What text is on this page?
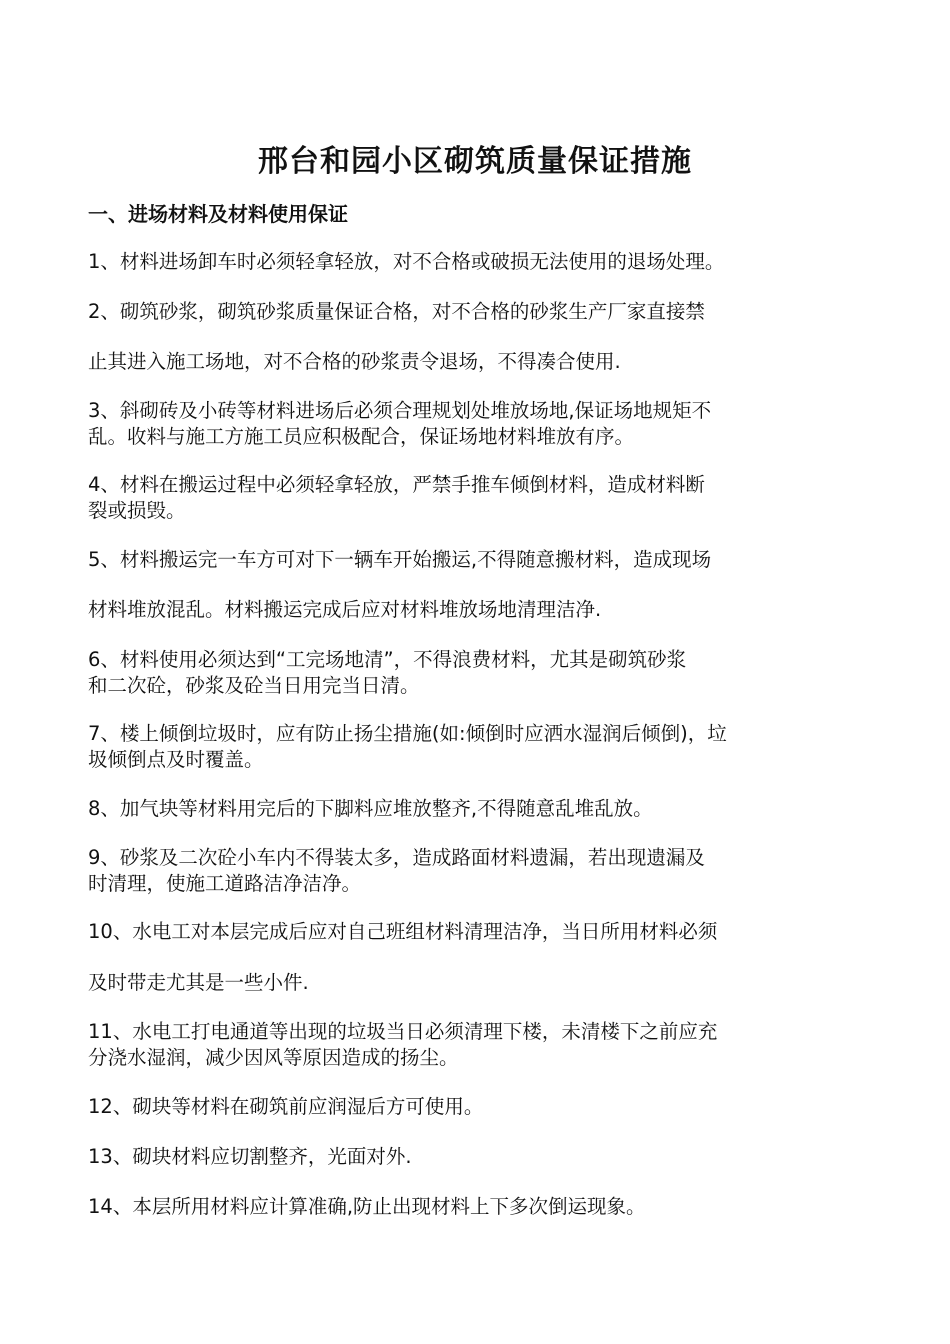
邢台和园小区砌筑质量保证措施
一、进场材料及材料使用保证
1、材料进场卸车时必须轻拿轻放，对不合格或破损无法使用的退场处理。
2、砌筑砂浆，砌筑砂浆质量保证合格，对不合格的砂浆生产厂家直接禁
止其进入施工场地，对不合格的砂浆责令退场，不得凑合使用.
3、斜砌砖及小砖等材料进场后必须合理规划处堆放场地,保证场地规矩不
乱。收料与施工方施工员应积极配合，保证场地材料堆放有序。
4、材料在搬运过程中必须轻拿轻放，严禁手推车倾倒材料，造成材料断
裂或损毁。
5、材料搬运完一车方可对下一辆车开始搬运,不得随意搬材料，造成现场
材料堆放混乱。材料搬运完成后应对材料堆放场地清理洁净.
6、材料使用必须达到“工完场地清”，不得浪费材料，尤其是砌筑砂浆
和二次砼，砂浆及砼当日用完当日清。
7、楼上倾倒垃圾时，应有防止扬尘措施(如:倾倒时应洒水湿润后倾倒)，垃
圾倾倒点及时覆盖。
8、加气块等材料用完后的下脚料应堆放整齐,不得随意乱堆乱放。
9、砂浆及二次砼小车内不得装太多，造成路面材料遗漏，若出现遗漏及
时清理，使施工道路洁净洁净。
10、水电工对本层完成后应对自己班组材料清理洁净，当日所用材料必须
及时带走尤其是一些小件.
11、水电工打电通道等出现的垃圾当日必须清理下楼，未清楼下之前应充
分浇水湿润，减少因风等原因造成的扬尘。
12、砌块等材料在砌筑前应润湿后方可使用。
13、砌块材料应切割整齐，光面对外.
14、本层所用材料应计算准确,防止出现材料上下多次倒运现象。
